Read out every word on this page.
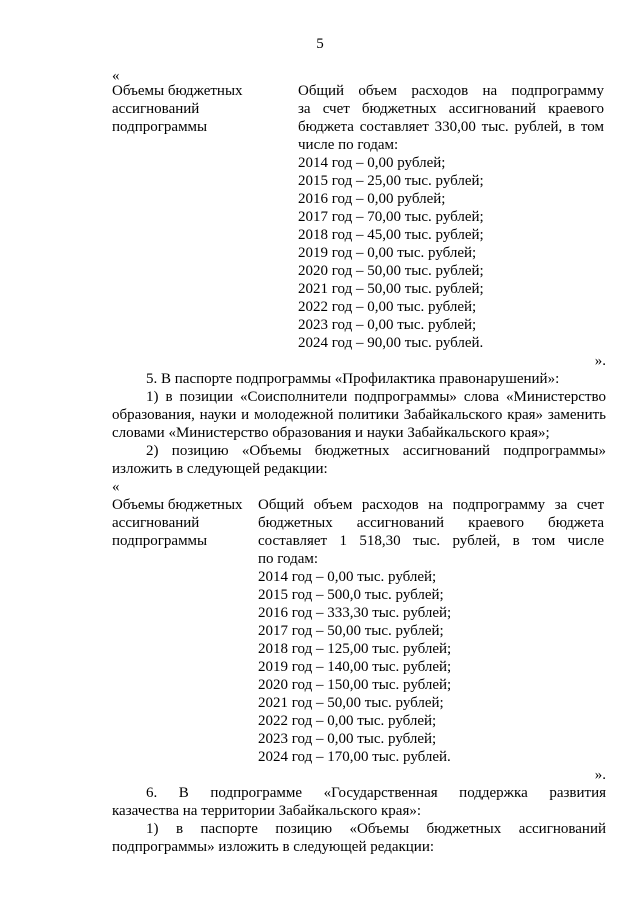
5
«
Объемы бюджетных
ассигнований
подпрограммы
Общий объем расходов на подпрограмму
за счет бюджетных ассигнований краевого
бюджета составляет 330,00 тыс. рублей, в том
числе по годам:
2014 год – 0,00 рублей;
2015 год – 25,00 тыс. рублей;
2016 год – 0,00 рублей;
2017 год – 70,00 тыс. рублей;
2018 год – 45,00 тыс. рублей;
2019 год – 0,00 тыс. рублей;
2020 год – 50,00 тыс. рублей;
2021 год – 50,00 тыс. рублей;
2022 год – 0,00 тыс. рублей;
2023 год – 0,00 тыс. рублей;
2024 год – 90,00 тыс. рублей.
».
5. В паспорте подпрограммы «Профилактика правонарушений»:
1) в позиции «Соисполнители подпрограммы» слова «Министерство
образования, науки и молодежной политики Забайкальского края» заменить
словами «Министерство образования и науки Забайкальского края»;
2) позицию «Объемы бюджетных ассигнований подпрограммы»
изложить в следующей редакции:
«
Объемы бюджетных
ассигнований
подпрограммы
Общий объем расходов на подпрограмму за счет
бюджетных ассигнований краевого бюджета
составляет 1 518,30 тыс. рублей, в том числе
по годам:
2014 год – 0,00 тыс. рублей;
2015 год – 500,0 тыс. рублей;
2016 год – 333,30 тыс. рублей;
2017 год – 50,00 тыс. рублей;
2018 год – 125,00 тыс. рублей;
2019 год – 140,00 тыс. рублей;
2020 год – 150,00 тыс. рублей;
2021 год – 50,00 тыс. рублей;
2022 год – 0,00 тыс. рублей;
2023 год – 0,00 тыс. рублей;
2024 год – 170,00 тыс. рублей.
».
6. В подпрограмме «Государственная поддержка развития
казачества на территории Забайкальского края»:
1) в паспорте позицию «Объемы бюджетных ассигнований
подпрограммы» изложить в следующей редакции:
